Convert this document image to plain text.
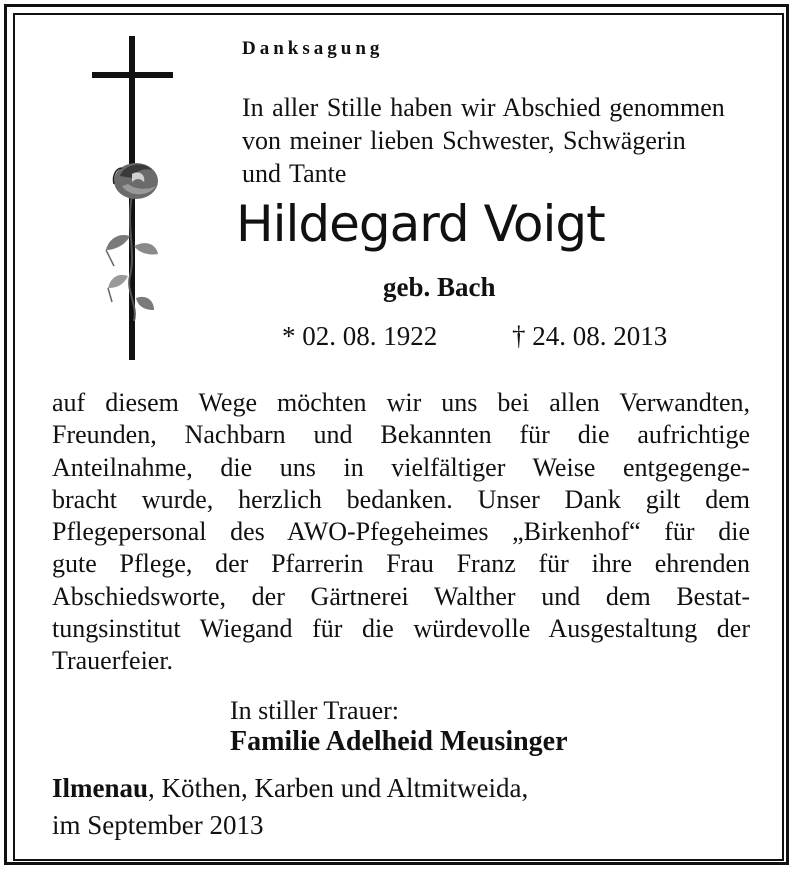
Danksagung
In aller Stille haben wir Abschied genommen
von meiner lieben Schwester, Schwägerin
und Tante
Hildegard Voigt
geb. Bach
* 02. 08. 1922	† 24. 08. 2013
auf diesem Wege möchten wir uns bei allen Verwandten,
Freunden, Nachbarn und Bekannten für die aufrichtige
Anteilnahme, die uns in vielfältiger Weise entgegenge-
bracht wurde, herzlich bedanken. Unser Dank gilt dem
Pflegepersonal des AWO-Pfegeheimes „Birkenhof“ für die
gute Pflege, der Pfarrerin Frau Franz für ihre ehrenden
Abschiedsworte, der Gärtnerei Walther und dem Bestat-
tungsinstitut Wiegand für die würdevolle Ausgestaltung der
Trauerfeier.
In stiller Trauer:
Familie Adelheid Meusinger
Ilmenau, Köthen, Karben und Altmitweida,
im September 2013
